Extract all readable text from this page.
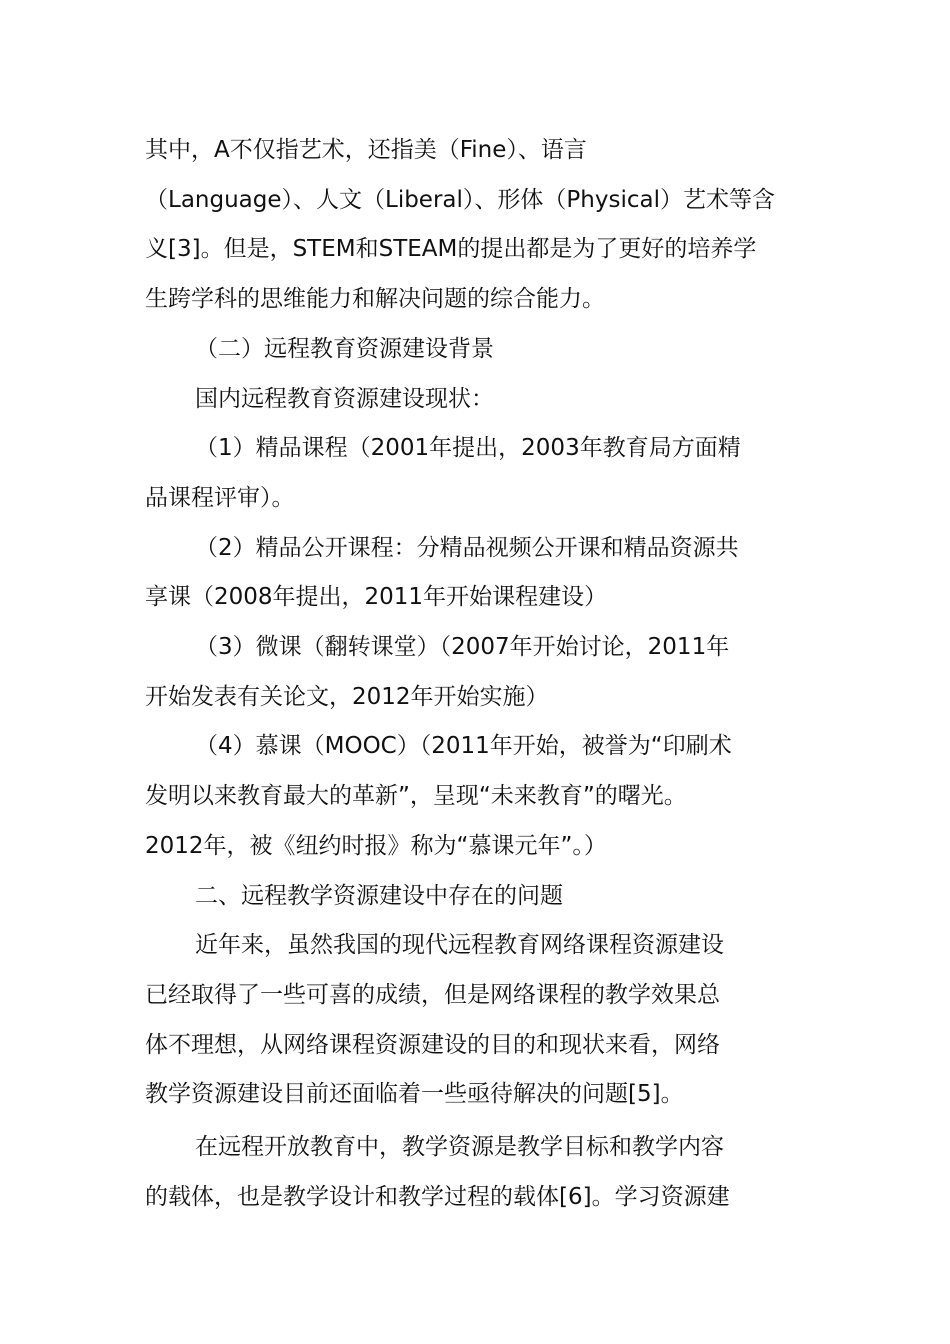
其中，A不仅指艺术，还指美（Fine）、语言
（Language）、人文（Liberal）、形体（Physical）艺术等含
义[3]。但是，STEM和STEAM的提出都是为了更好的培养学
生跨学科的思维能力和解决问题的综合能力。

（二）远程教育资源建设背景

国内远程教育资源建设现状：

（1）精品课程（2001年提出，2003年教育局方面精
品课程评审）。

（2）精品公开课程：分精品视频公开课和精品资源共
享课（2008年提出，2011年开始课程建设）

（3）微课（翻转课堂）（2007年开始讨论，2011年
开始发表有关论文，2012年开始实施）

（4）慕课（MOOC）（2011年开始，被誉为“印刷术
发明以来教育最大的革新”，呈现“未来教育”的曙光。
2012年，被《纽约时报》称为“慕课元年”。）

二、远程教学资源建设中存在的问题

近年来，虽然我国的现代远程教育网络课程资源建设
已经取得了一些可喜的成绩，但是网络课程的教学效果总
体不理想，从网络课程资源建设的目的和现状来看，网络
教学资源建设目前还面临着一些亟待解决的问题[5]。

在远程开放教育中，教学资源是教学目标和教学内容
的载体，也是教学设计和教学过程的载体[6]。学习资源建
